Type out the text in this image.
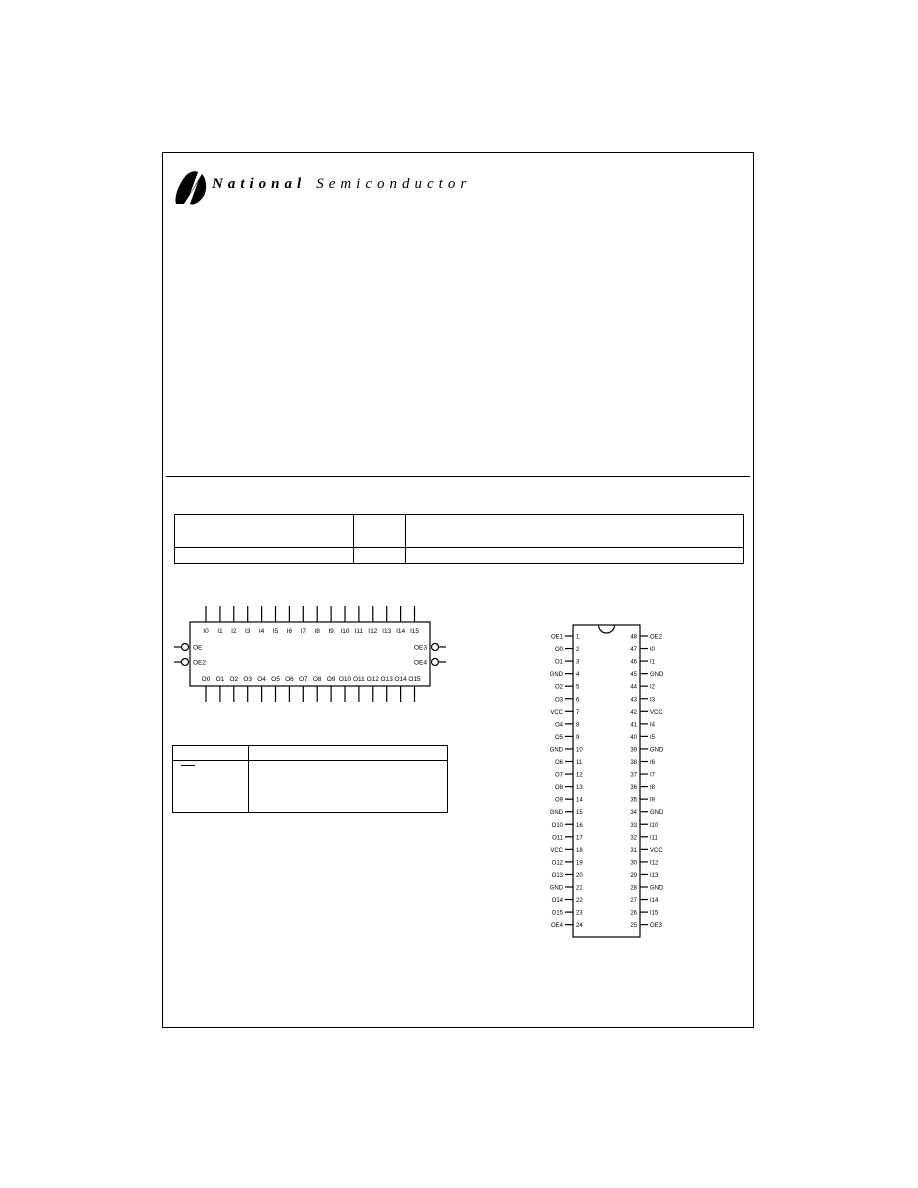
National Semiconductor
I0 I1 I2 I3 I4 I5 I6 I7 I8 I9 I10 I11 I12 I13 I14 I15
O0 O1 O2 O3 O4 O5 O6 O7 O8 O9 O10 O11 O12 O13 O14 O15
OE
OE2
OE3
OE4
1
OE1
2
O0
3
O1
4
GND
5
O2
6
O3
7
VCC
8
O4
9
O5
10
GND
11
O6
12
O7
13
O8
14
O9
15
GND
16
O10
17
O11
18
VCC
19
O12
20
O13
21
GND
22
O14
23
O15
24
OE4
48 OE2
47 I0
46 I1
45 GND
44 I2
43 I3
42 VCC
41 I4
40 I5
39 GND
38 I6
37 I7
36 I8
35 I9
34 GND
33 I10
32 I11
31 VCC
30 I12
29 I13
28 GND
27 I14
26 I15
25 OE3
